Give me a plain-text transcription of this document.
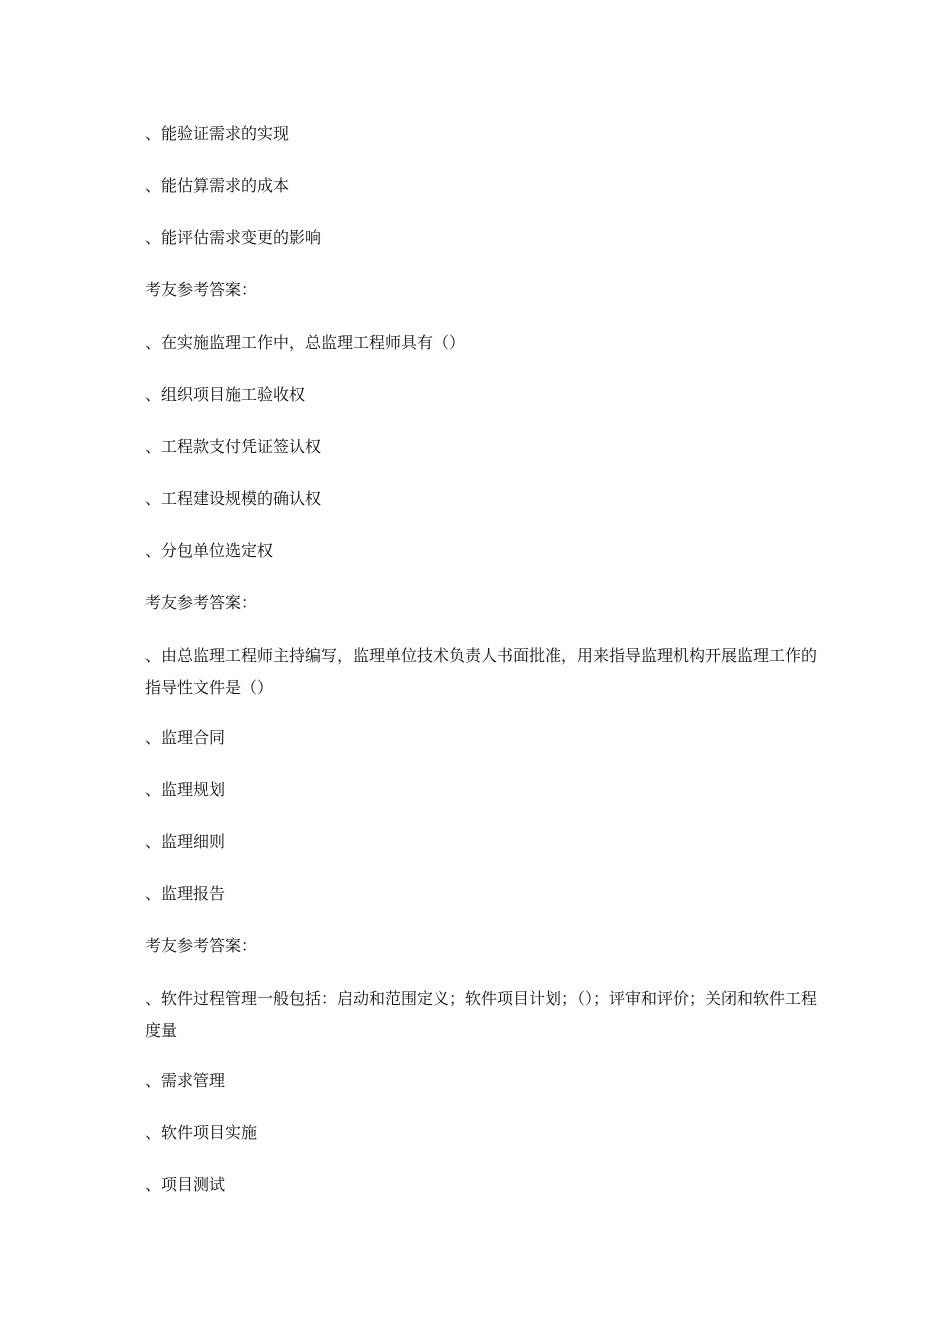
、能验证需求的实现
、能估算需求的成本
、能评估需求变更的影响
考友参考答案：
、在实施监理工作中，总监理工程师具有（）
、组织项目施工验收权
、工程款支付凭证签认权
、工程建设规模的确认权
、分包单位选定权
考友参考答案：
、由总监理工程师主持编写，监理单位技术负责人书面批准，用来指导监理机构开展监理工作的指导性文件是（）
、监理合同
、监理规划
、监理细则
、监理报告
考友参考答案：
、软件过程管理一般包括：启动和范围定义；软件项目计划；（）；评审和评价；关闭和软件工程度量
、需求管理
、软件项目实施
、项目测试
